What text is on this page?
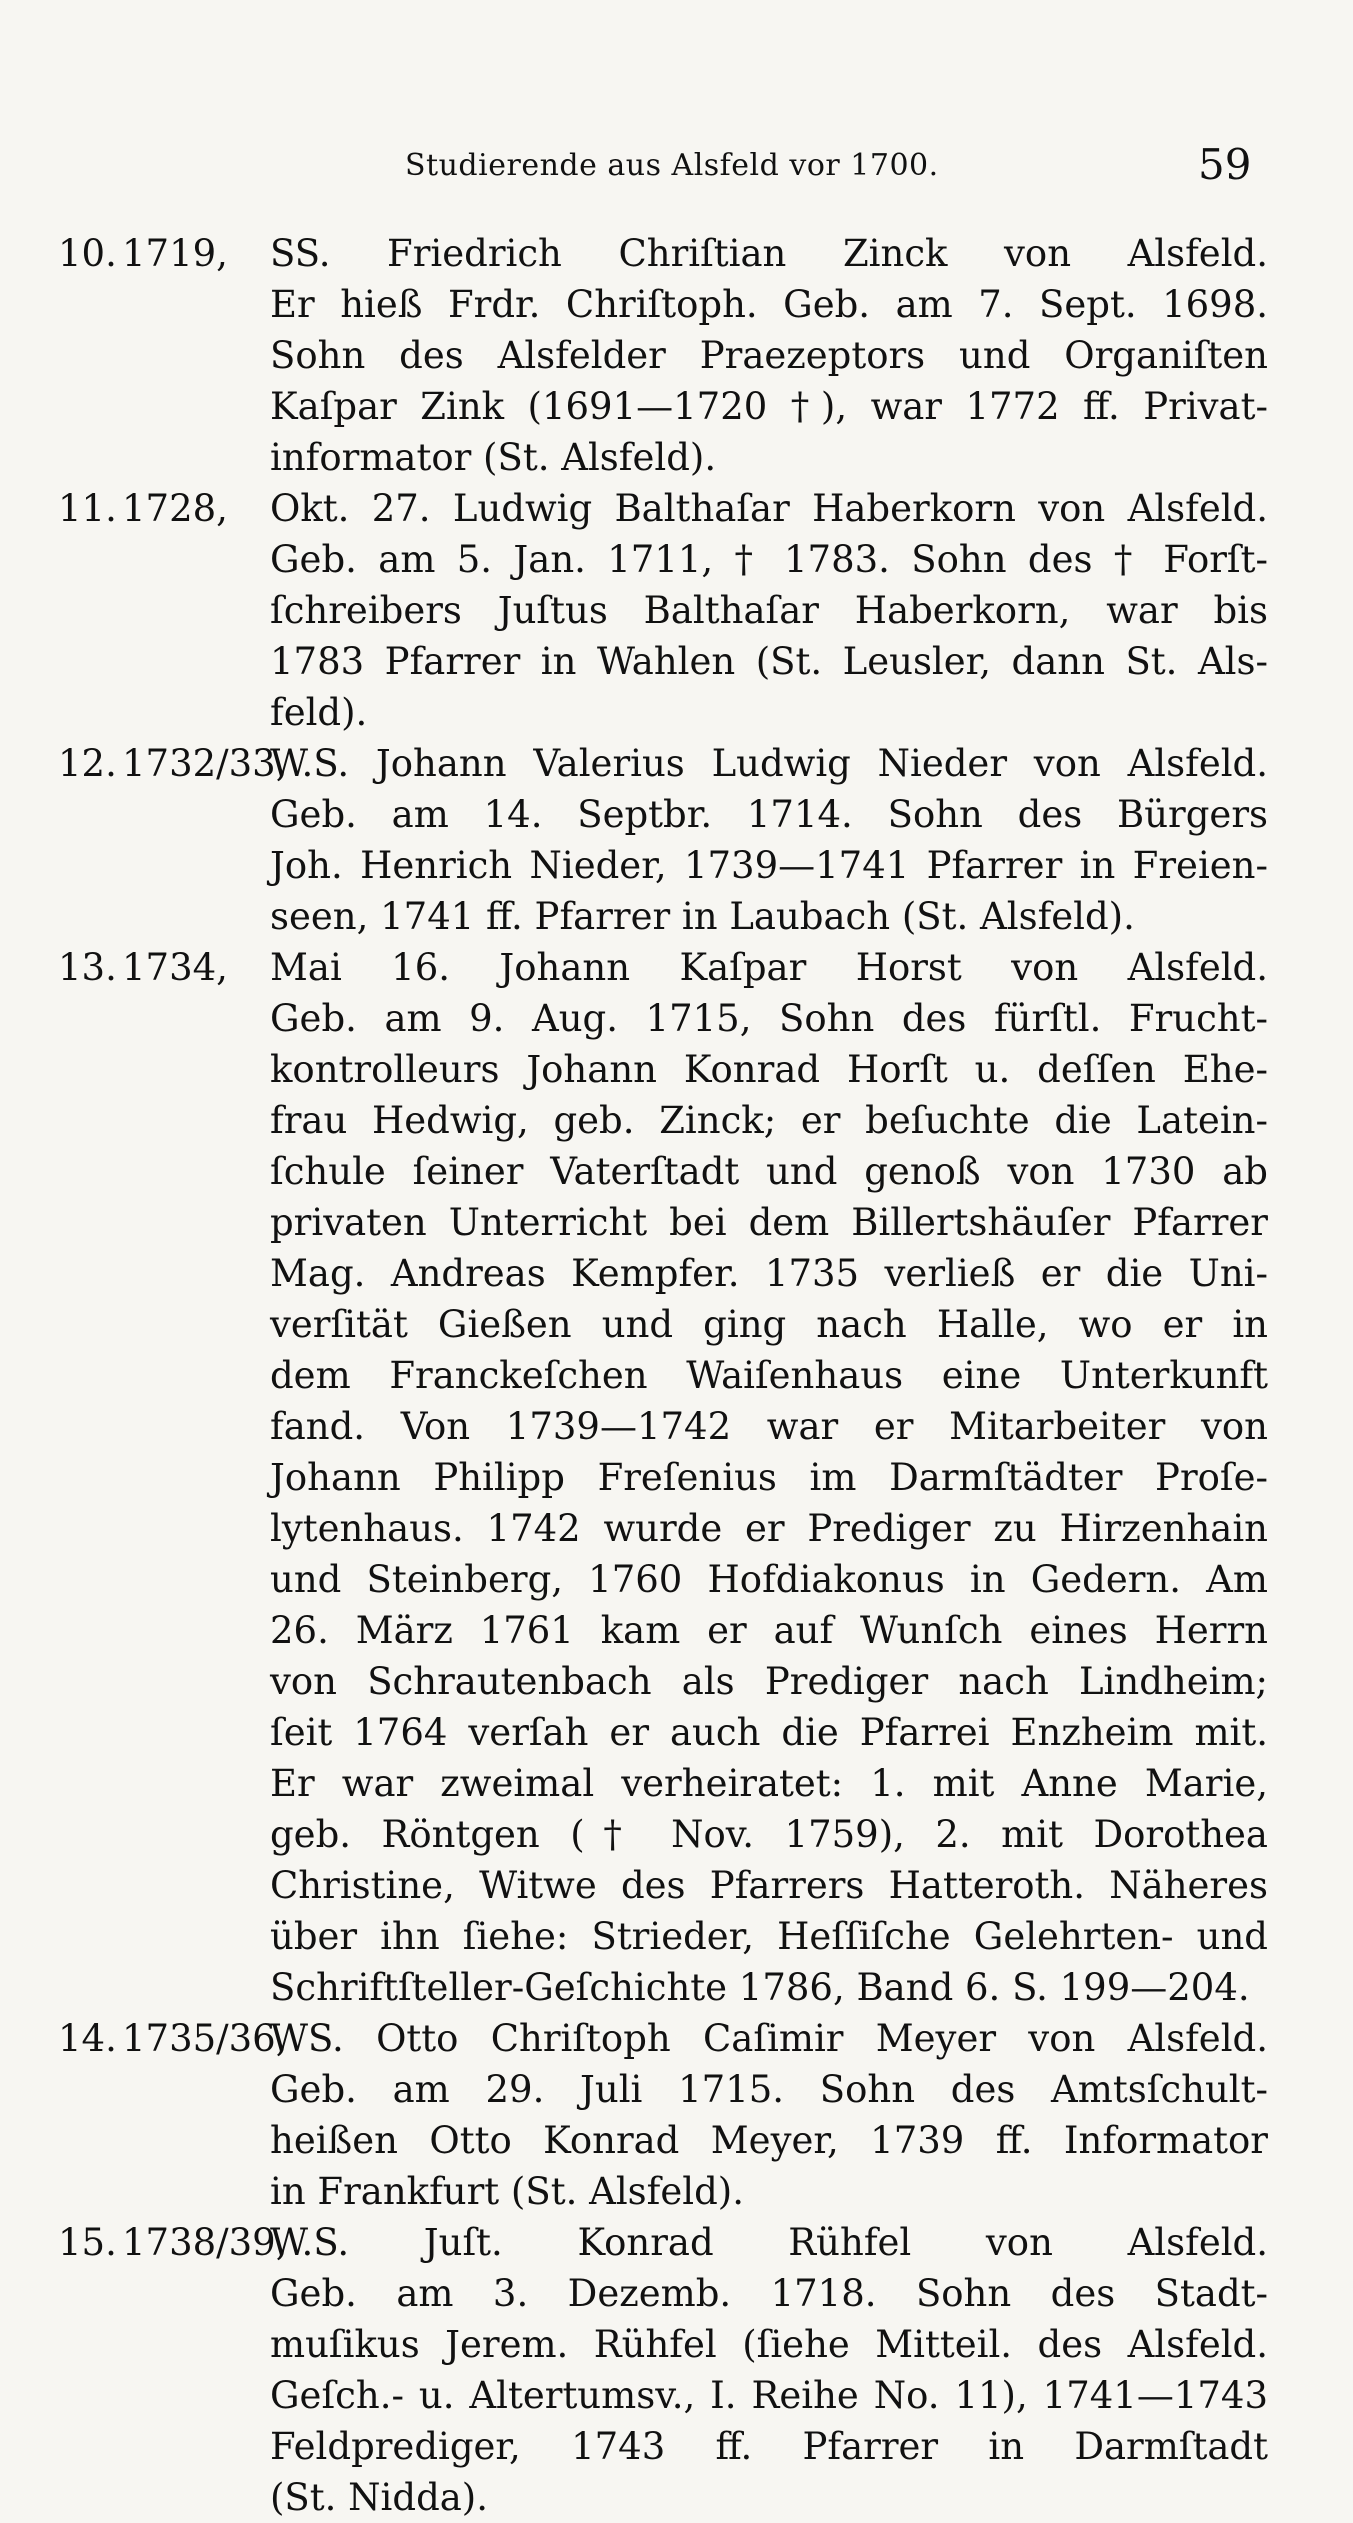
Studierende aus Alsfeld vor 1700.	59
10. 1719, SS. Friedrich Chriſtian Zinck von Alsfeld.
Er hieß Frdr. Chriſtoph. Geb. am 7. Sept. 1698.
Sohn des Alsfelder Praezeptors und Organiſten
Kaſpar Zink (1691—1720 †), war 1772 ff. Privat-
informator (St. Alsfeld).
11. 1728, Okt. 27. Ludwig Balthaſar Haberkorn von Alsfeld.
Geb. am 5. Jan. 1711, † 1783. Sohn des † Forſt-
ſchreibers Juſtus Balthaſar Haberkorn, war bis
1783 Pfarrer in Wahlen (St. Leusler, dann St. Als-
feld).
12. 1732/33,
W.S. Johann Valerius Ludwig Nieder von Alsfeld.
Geb. am 14. Septbr. 1714. Sohn des Bürgers
Joh. Henrich Nieder, 1739—1741 Pfarrer in Freien-
seen, 1741 ff. Pfarrer in Laubach (St. Alsfeld).
13. 1734, Mai 16. Johann Kaſpar Horst von Alsfeld.
Geb. am 9. Aug. 1715, Sohn des fürſtl. Frucht-
kontrolleurs Johann Konrad Horſt u. deſſen Ehe-
frau Hedwig, geb. Zinck; er beſuchte die Latein-
ſchule ſeiner Vaterſtadt und genoß von 1730 ab
privaten Unterricht bei dem Billertshäuſer Pfarrer
Mag. Andreas Kempfer. 1735 verließ er die Uni-
verſität Gießen und ging nach Halle, wo er in
dem Franckeſchen Waiſenhaus eine Unterkunft
fand. Von 1739—1742 war er Mitarbeiter von
Johann Philipp Freſenius im Darmſtädter Proſe-
lytenhaus. 1742 wurde er Prediger zu Hirzenhain
und Steinberg, 1760 Hofdiakonus in Gedern. Am
26. März 1761 kam er auf Wunſch eines Herrn
von Schrautenbach als Prediger nach Lindheim;
ſeit 1764 verſah er auch die Pfarrei Enzheim mit.
Er war zweimal verheiratet: 1. mit Anne Marie,
geb. Röntgen († Nov. 1759), 2. mit Dorothea
Christine, Witwe des Pfarrers Hatteroth. Näheres
über ihn ſiehe: Strieder, Heſſiſche Gelehrten- und
Schriftſteller-Geſchichte 1786, Band 6. S. 199—204.
14. 1735/36,
WS. Otto Chriſtoph Caſimir Meyer von Alsfeld.
Geb. am 29. Juli 1715. Sohn des Amtsſchult-
heißen Otto Konrad Meyer, 1739 ff. Informator
in Frankfurt (St. Alsfeld).
15. 1738/39,
W.S. Juſt. Konrad Rühfel von Alsfeld.
Geb. am 3. Dezemb. 1718. Sohn des Stadt-
muſikus Jerem. Rühfel (ſiehe Mitteil. des Alsfeld.
Geſch.- u. Altertumsv., I. Reihe No. 11), 1741—1743
Feldprediger, 1743 ff. Pfarrer in Darmſtadt
(St. Nidda).
